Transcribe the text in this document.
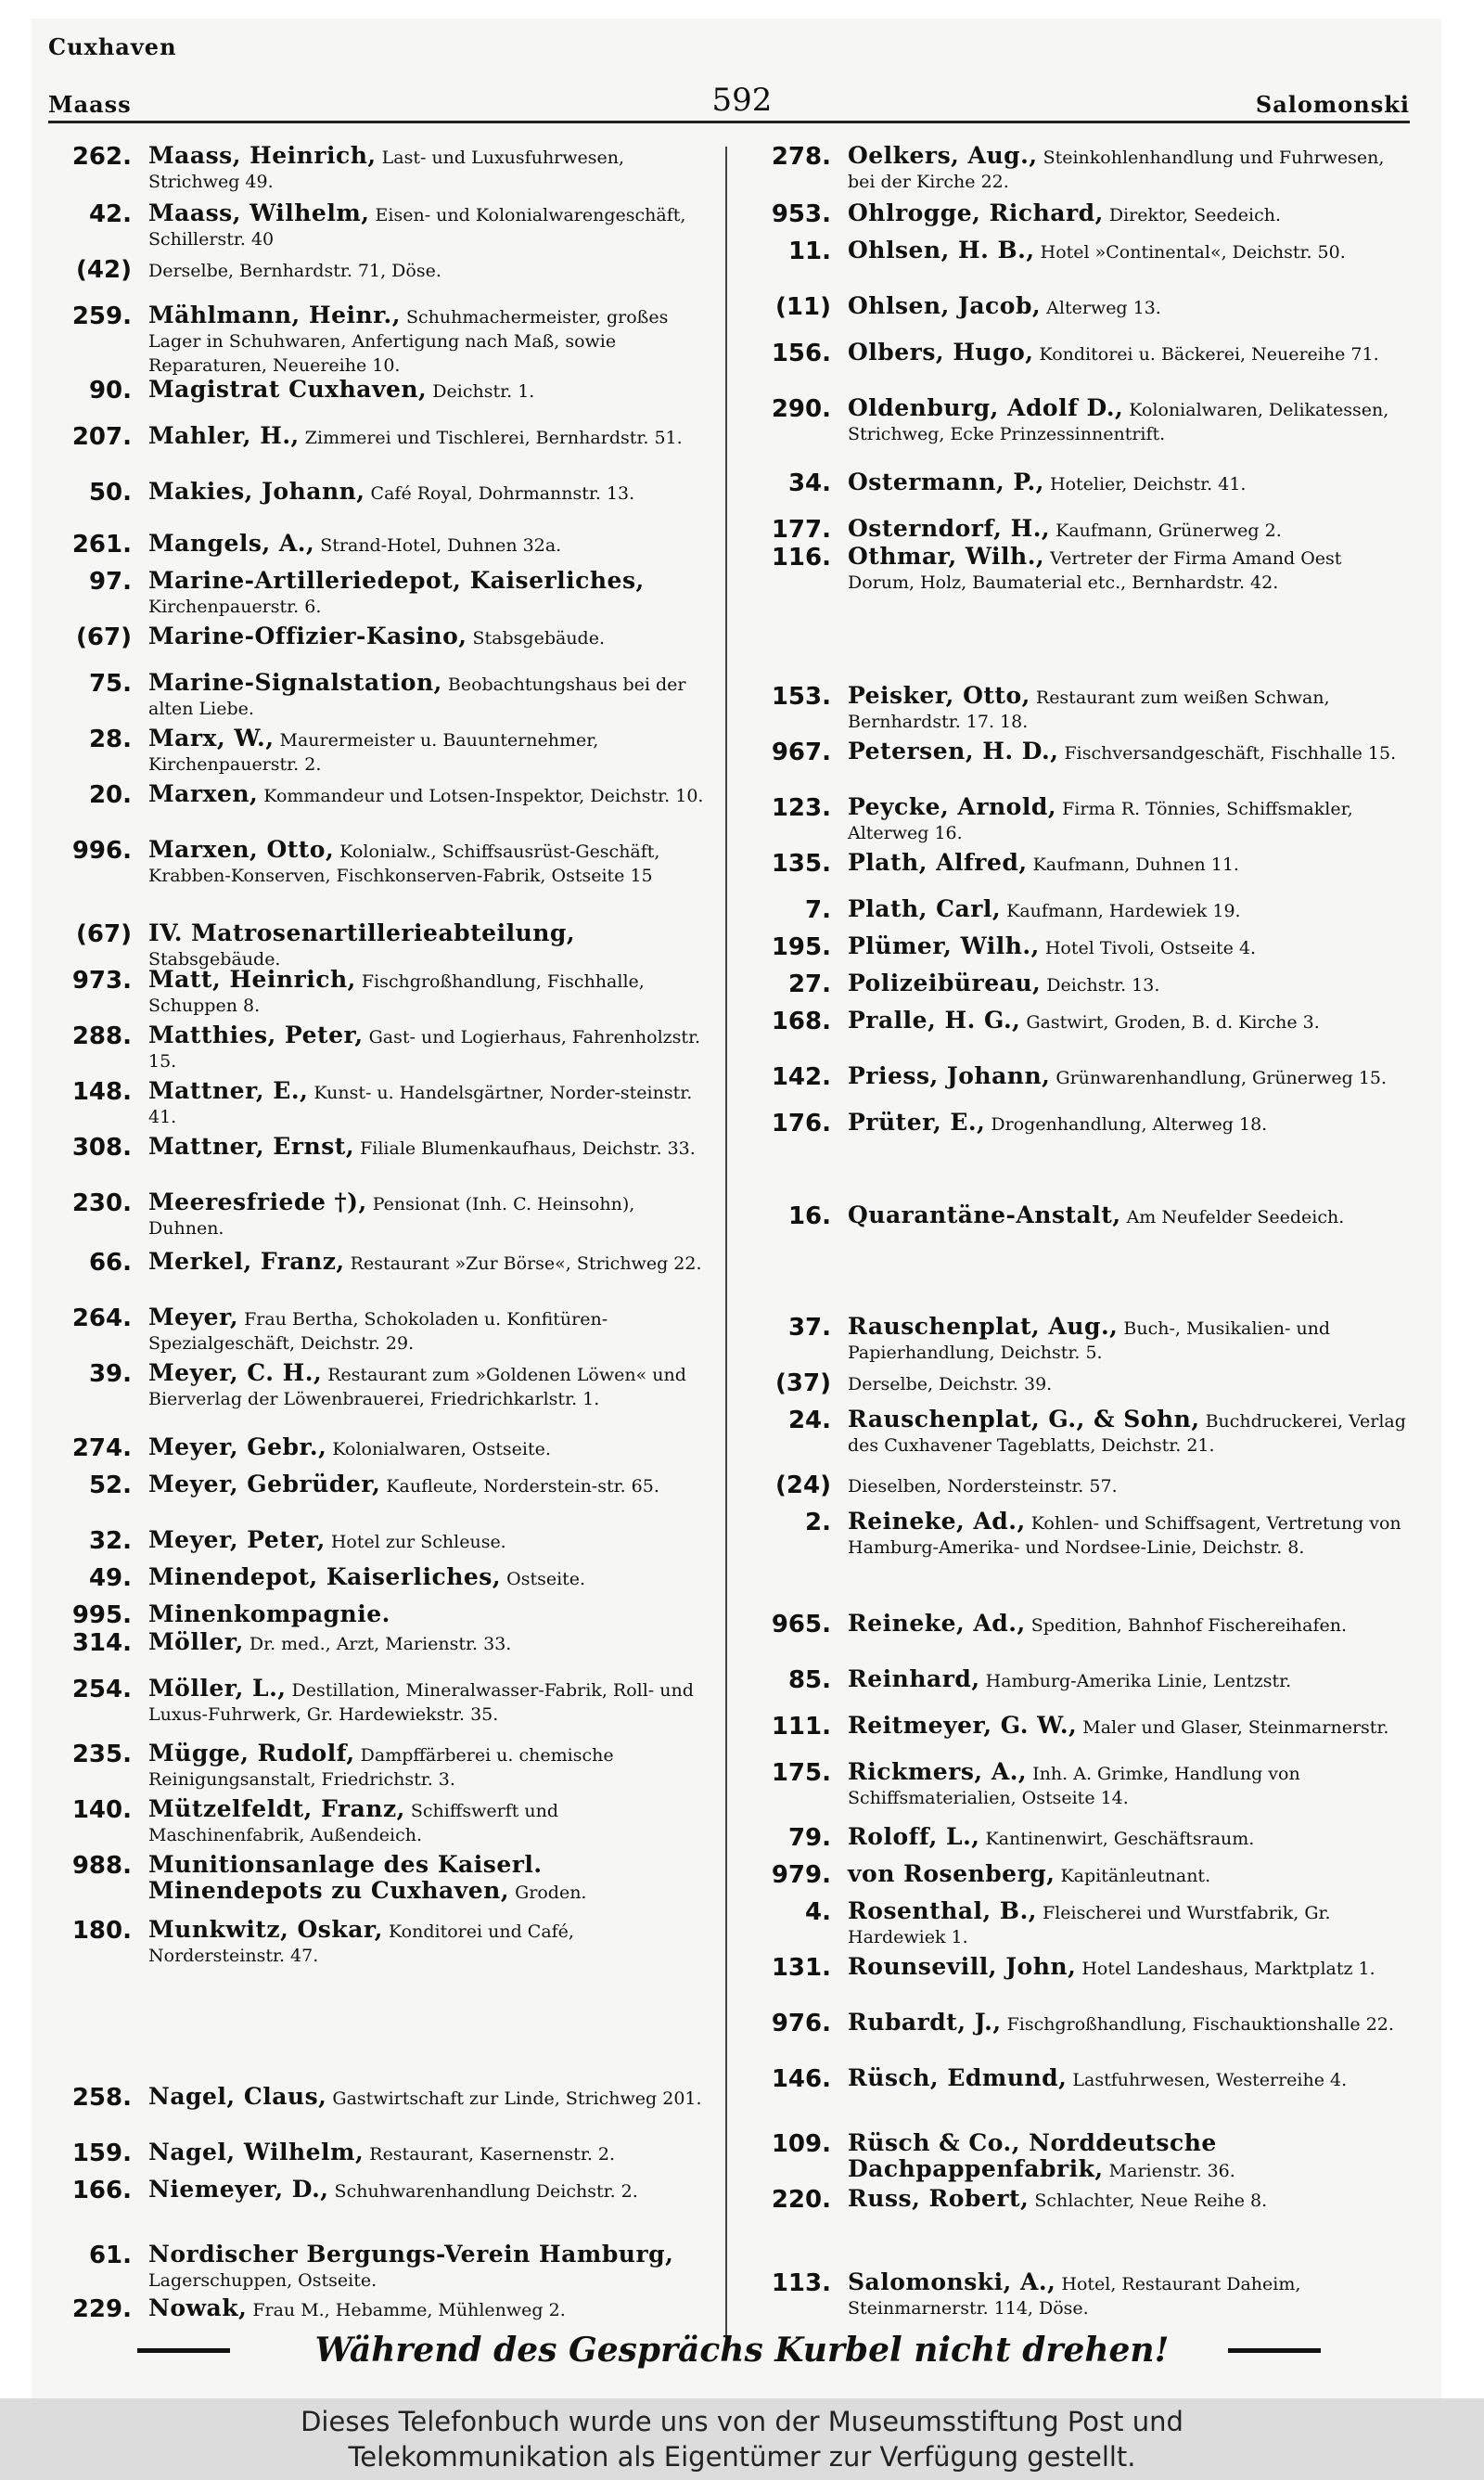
Cuxhaven
Maass	592	Salomonski
262. Maass, Heinrich, Last- und Luxusfuhrwesen, Strichweg 49.
42. Maass, Wilhelm, Eisen- und Kolonialwarengeschäft, Schillerstr. 40
(42) Derselbe, Bernhardstr. 71, Döse.
259. Mählmann, Heinr., Schuhmachermeister, großes Lager in Schuhwaren, Anfertigung nach Maß, sowie Reparaturen, Neuereihe 10.
90. Magistrat Cuxhaven, Deichstr. 1.
207. Mahler, H., Zimmerei und Tischlerei, Bernhardstr. 51.
50. Makies, Johann, Café Royal, Dohrmannstr. 13.
261. Mangels, A., Strand-Hotel, Duhnen 32a.
97. Marine-Artilleriedepot, Kaiserliches, Kirchenpauerstr. 6.
(67) Marine-Offizier-Kasino, Stabsgebäude.
75. Marine-Signalstation, Beobachtungshaus bei der alten Liebe.
28. Marx, W., Maurermeister u. Bauunternehmer, Kirchenpauerstr. 2.
20. Marxen, Kommandeur und Lotsen-Inspektor, Deichstr. 10.
996. Marxen, Otto, Kolonialw., Schiffsausrüst-Geschäft, Krabben-Konserven, Fischkonserven-Fabrik, Ostseite 15
(67) IV. Matrosenartillerieabteilung, Stabsgebäude.
973. Matt, Heinrich, Fischgroßhandlung, Fischhalle, Schuppen 8.
288. Matthies, Peter, Gast- und Logierhaus, Fahrenholzstr. 15.
148. Mattner, E., Kunst- u. Handelsgärtner, Norder-steinstr. 41.
308. Mattner, Ernst, Filiale Blumenkaufhaus, Deichstr. 33.
230. Meeresfriede †), Pensionat (Inh. C. Heinsohn), Duhnen.
66. Merkel, Franz, Restaurant »Zur Börse«, Strichweg 22.
264. Meyer, Frau Bertha, Schokoladen u. Konfitüren-Spezialgeschäft, Deichstr. 29.
39. Meyer, C. H., Restaurant zum »Goldenen Löwen« und Bierverlag der Löwenbrauerei, Friedrichkarlstr. 1.
274. Meyer, Gebr., Kolonialwaren, Ostseite.
52. Meyer, Gebrüder, Kaufleute, Norderstein-str. 65.
32. Meyer, Peter, Hotel zur Schleuse.
49. Minendepot, Kaiserliches, Ostseite.
995. Minenkompagnie.
314. Möller, Dr. med., Arzt, Marienstr. 33.
254. Möller, L., Destillation, Mineralwasser-Fabrik, Roll- und Luxus-Fuhrwerk, Gr. Hardewiekstr. 35.
235. Mügge, Rudolf, Dampffärberei u. chemische Reinigungsanstalt, Friedrichstr. 3.
140. Mützelfeldt, Franz, Schiffswerft und Maschinenfabrik, Außendeich.
988. Munitionsanlage des Kaiserl. Minendepots zu Cuxhaven, Groden.
180. Munkwitz, Oskar, Konditorei und Café, Nordersteinstr. 47.
258. Nagel, Claus, Gastwirtschaft zur Linde, Strichweg 201.
159. Nagel, Wilhelm, Restaurant, Kasernenstr. 2.
166. Niemeyer, D., Schuhwarenhandlung Deichstr. 2.
61. Nordischer Bergungs-Verein Hamburg, Lagerschuppen, Ostseite.
229. Nowak, Frau M., Hebamme, Mühlenweg 2.
278. Oelkers, Aug., Steinkohlenhandlung und Fuhrwesen, bei der Kirche 22.
953. Ohlrogge, Richard, Direktor, Seedeich.
11. Ohlsen, H. B., Hotel »Continental«, Deichstr. 50.
(11) Ohlsen, Jacob, Alterweg 13.
156. Olbers, Hugo, Konditorei u. Bäckerei, Neuereihe 71.
290. Oldenburg, Adolf D., Kolonialwaren, Delikatessen, Strichweg, Ecke Prinzessinnentrift.
34. Ostermann, P., Hotelier, Deichstr. 41.
177. Osterndorf, H., Kaufmann, Grünerweg 2.
116. Othmar, Wilh., Vertreter der Firma Amand Oest Dorum, Holz, Baumaterial etc., Bernhardstr. 42.
153. Peisker, Otto, Restaurant zum weißen Schwan, Bernhardstr. 17. 18.
967. Petersen, H. D., Fischversandgeschäft, Fischhalle 15.
123. Peycke, Arnold, Firma R. Tönnies, Schiffsmakler, Alterweg 16.
135. Plath, Alfred, Kaufmann, Duhnen 11.
7. Plath, Carl, Kaufmann, Hardewiek 19.
195. Plümer, Wilh., Hotel Tivoli, Ostseite 4.
27. Polizeibüreau, Deichstr. 13.
168. Pralle, H. G., Gastwirt, Groden, B. d. Kirche 3.
142. Priess, Johann, Grünwarenhandlung, Grünerweg 15.
176. Prüter, E., Drogenhandlung, Alterweg 18.
16. Quarantäne-Anstalt, Am Neufelder Seedeich.
37. Rauschenplat, Aug., Buch-, Musikalien- und Papierhandlung, Deichstr. 5.
(37) Derselbe, Deichstr. 39.
24. Rauschenplat, G., & Sohn, Buchdruckerei, Verlag des Cuxhavener Tageblatts, Deichstr. 21.
(24) Dieselben, Nordersteinstr. 57.
2. Reineke, Ad., Kohlen- und Schiffsagent, Vertretung von Hamburg-Amerika- und Nordsee-Linie, Deichstr. 8.
965. Reineke, Ad., Spedition, Bahnhof Fischereihafen.
85. Reinhard, Hamburg-Amerika Linie, Lentzstr.
111. Reitmeyer, G. W., Maler und Glaser, Steinmarnerstr.
175. Rickmers, A., Inh. A. Grimke, Handlung von Schiffsmaterialien, Ostseite 14.
79. Roloff, L., Kantinenwirt, Geschäftsraum.
979. von Rosenberg, Kapitänleutnant.
4. Rosenthal, B., Fleischerei und Wurstfabrik, Gr. Hardewiek 1.
131. Rounsevill, John, Hotel Landeshaus, Marktplatz 1.
976. Rubardt, J., Fischgroßhandlung, Fischauktionshalle 22.
146. Rüsch, Edmund, Lastfuhrwesen, Westerreihe 4.
109. Rüsch & Co., Norddeutsche Dachpappenfabrik, Marienstr. 36.
220. Russ, Robert, Schlachter, Neue Reihe 8.
113. Salomonski, A., Hotel, Restaurant Daheim, Steinmarnerstr. 114, Döse.
Während des Gesprächs Kurbel nicht drehen!
Dieses Telefonbuch wurde uns von der Museumsstiftung Post und
Telekommunikation als Eigentümer zur Verfügung gestellt.
